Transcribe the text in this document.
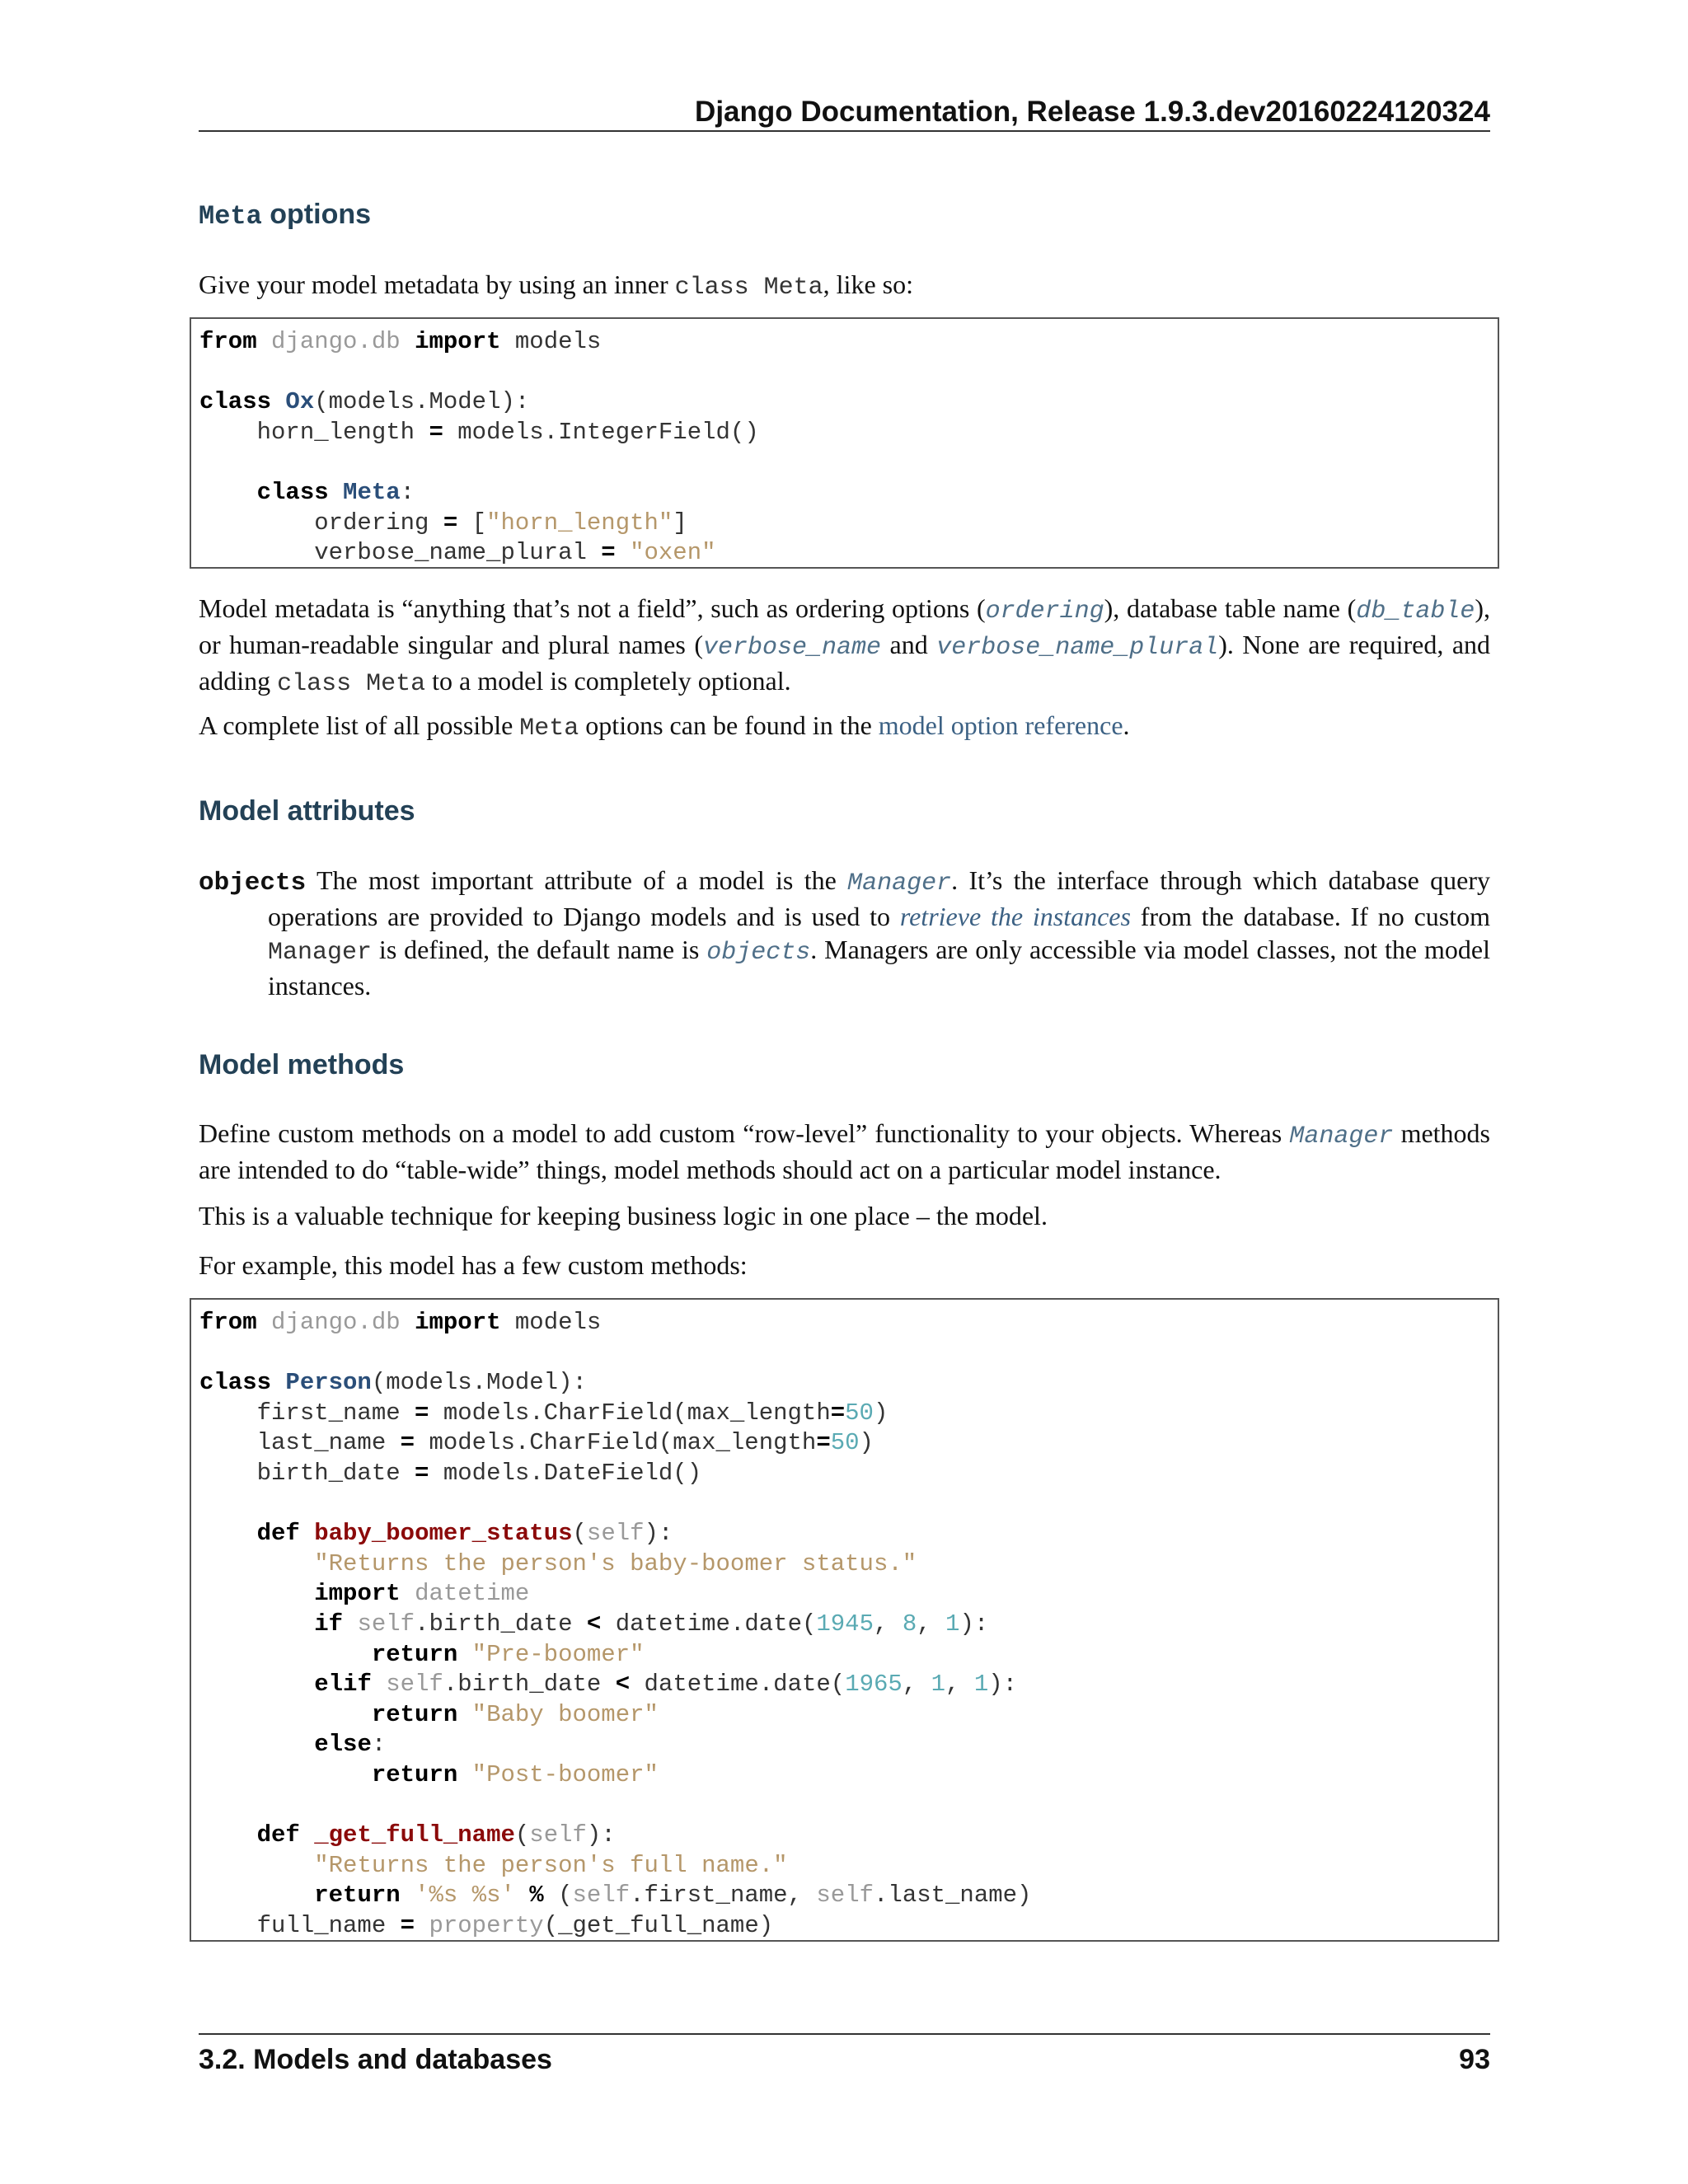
Django Documentation, Release 1.9.3.dev20160224120324
Meta options

Give your model metadata by using an inner class Meta, like so:

from django.db import models

class Ox(models.Model):
horn_length = models.IntegerField()

class Meta:
ordering = ["horn_length"]
verbose_name_plural = "oxen"

Model metadata is “anything that’s not a field”, such as ordering options (ordering), database table name (db_table), or human-readable singular and plural names (verbose_name and verbose_name_plural). None are required, and adding class Meta to a model is completely optional.

A complete list of all possible Meta options can be found in the model option reference.

Model attributes

objects The most important attribute of a model is the Manager. It’s the interface through which database query operations are provided to Django models and is used to retrieve the instances from the database. If no custom Manager is defined, the default name is objects. Managers are only accessible via model classes, not the model instances.

Model methods

Define custom methods on a model to add custom “row-level” functionality to your objects. Whereas Manager methods are intended to do “table-wide” things, model methods should act on a particular model instance.

This is a valuable technique for keeping business logic in one place – the model.

For example, this model has a few custom methods:

from django.db import models

class Person(models.Model):
first_name = models.CharField(max_length=50)
last_name = models.CharField(max_length=50)
birth_date = models.DateField()

def baby_boomer_status(self):
"Returns the person's baby-boomer status."
import datetime
if self.birth_date < datetime.date(1945, 8, 1):
return "Pre-boomer"
elif self.birth_date < datetime.date(1965, 1, 1):
return "Baby boomer"
else:
return "Post-boomer"

def _get_full_name(self):
"Returns the person's full name."
return '%s %s' % (self.first_name, self.last_name)
full_name = property(_get_full_name)
3.2. Models and databases	93
